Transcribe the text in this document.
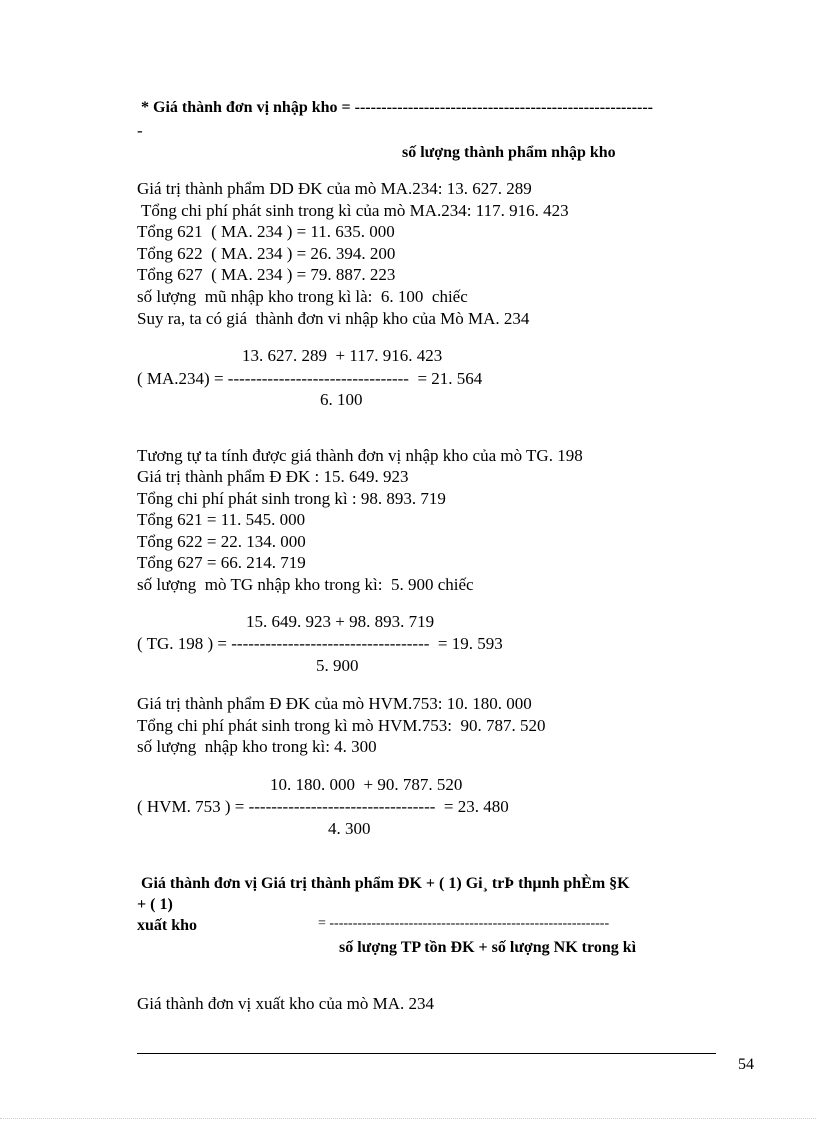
* Giá thành đơn vị nhập kho = --------------------------------------------------------
-
số lượng thành phẩm nhập kho
Giá trị thành phẩm DD ĐK của mò MA.234: 13. 627. 289
Tổng chi phí phát sinh trong kì của mò MA.234: 117. 916. 423
Tổng 621  ( MA. 234 ) = 11. 635. 000
Tổng 622  ( MA. 234 ) = 26. 394. 200
Tổng 627  ( MA. 234 ) = 79. 887. 223
số lượng  mũ nhập kho trong kì là:  6. 100  chiếc
Suy ra, ta có giá  thành đơn vi nhập kho của Mò MA. 234
13. 627. 289  + 117. 916. 423
( MA.234) = --------------------------------  = 21. 564
6. 100
Tương tự ta tính được giá thành đơn vị nhập kho của mò TG. 198
Giá trị thành phẩm Đ ĐK : 15. 649. 923
Tổng chi phí phát sinh trong kì : 98. 893. 719
Tổng 621 = 11. 545. 000
Tổng 622 = 22. 134. 000
Tổng 627 = 66. 214. 719
số lượng  mò TG nhập kho trong kì:  5. 900 chiếc
15. 649. 923 + 98. 893. 719
( TG. 198 ) = -----------------------------------  = 19. 593
5. 900
Giá trị thành phẩm Đ ĐK của mò HVM.753: 10. 180. 000
Tổng chi phí phát sinh trong kì mò HVM.753:  90. 787. 520
số lượng  nhập kho trong kì: 4. 300
10. 180. 000  + 90. 787. 520
( HVM. 753 ) = ---------------------------------  = 23. 480
4. 300
Giá thành đơn vị Giá trị thành phẩm ĐK + ( 1) Gi¸ trÞ thµnh phÈm §K
+ ( 1)
xuất kho	= ------------------------------------------------------------
số lượng TP tồn ĐK + số lượng NK trong kì
Giá thành đơn vị xuất kho của mò MA. 234
54
